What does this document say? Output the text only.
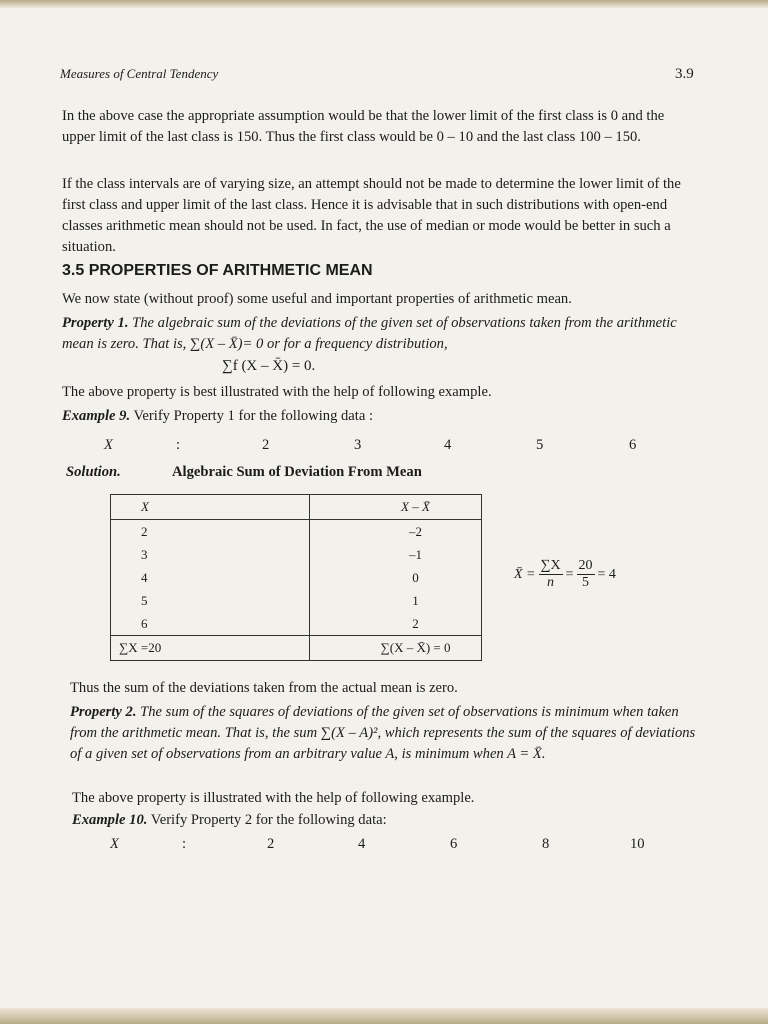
Measures of Central Tendency	3.9

In the above case the appropriate assumption would be that the lower limit of the first class is 0 and the upper limit of the last class is 150. Thus the first class would be 0 – 10 and the last class 100 – 150.

If the class intervals are of varying size, an attempt should not be made to determine the lower limit of the first class and upper limit of the last class. Hence it is advisable that in such distributions with open-end classes arithmetic mean should not be used. In fact, the use of median or mode would be better in such a situation.

3.5 PROPERTIES OF ARITHMETIC MEAN

We now state (without proof) some useful and important properties of arithmetic mean.

Property 1. The algebraic sum of the deviations of the given set of observations taken from the arithmetic mean is zero. That is, ∑(X – X̄)= 0 or for a frequency distribution,

∑f (X – X̄) = 0.

The above property is best illustrated with the help of following example.

Example 9. Verify Property 1 for the following data :

X	:	2	3	4	5	6
Solution.	Algebraic Sum of Deviation From Mean
X	X – X̄
2	–2
3	–1
4	0
5	1
6	2
∑X =20	∑(X – X̄) = 0
X̄ = $\frac{\sum X}{n} = \frac{20}{5} = 4$

Thus the sum of the deviations taken from the actual mean is zero.

Property 2. The sum of the squares of deviations of the given set of observations is minimum when taken from the arithmetic mean. That is, the sum ∑(X – A)², which represents the sum of the squares of deviations of a given set of observations from an arbitrary value A, is minimum when A = X̄.

The above property is illustrated with the help of following example.

Example 10. Verify Property 2 for the following data:

X	:	2	4	6	8	10
